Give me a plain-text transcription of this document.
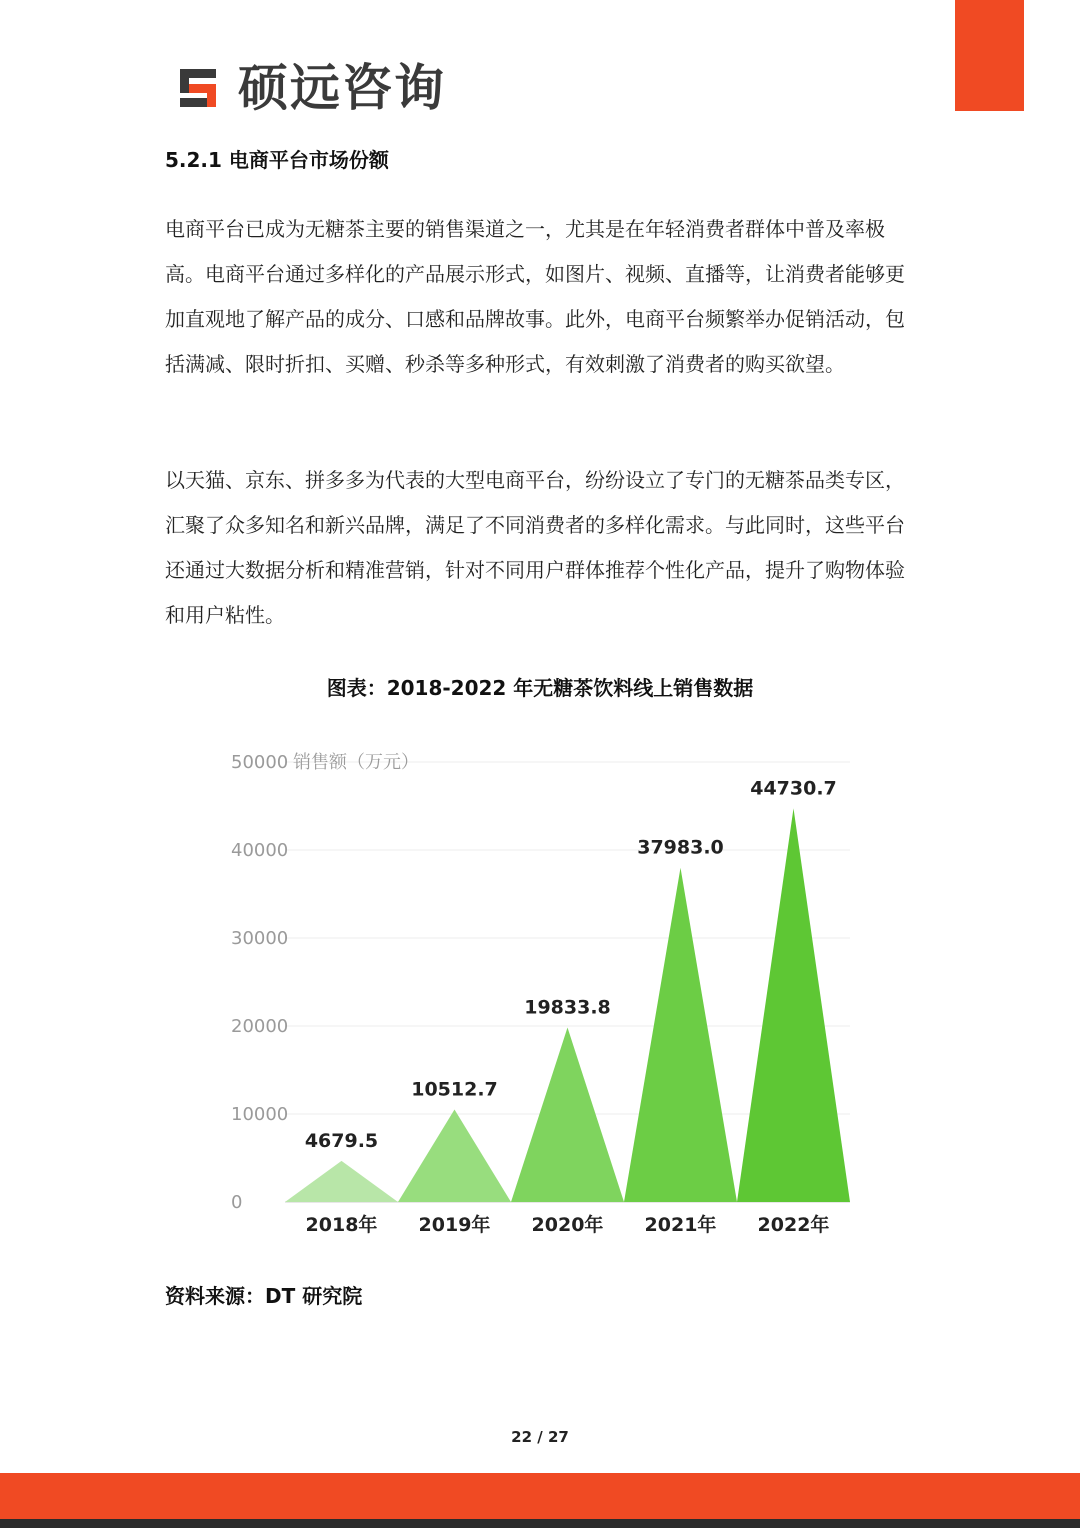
硕远咨询
5.2.1 电商平台市场份额

电商平台已成为无糖茶主要的销售渠道之一，尤其是在年轻消费者群体中普及率极高。电商平台通过多样化的产品展示形式，如图片、视频、直播等，让消费者能够更加直观地了解产品的成分、口感和品牌故事。此外，电商平台频繁举办促销活动，包括满减、限时折扣、买赠、秒杀等多种形式，有效刺激了消费者的购买欲望。

以天猫、京东、拼多多为代表的大型电商平台，纷纷设立了专门的无糖茶品类专区，汇聚了众多知名和新兴品牌，满足了不同消费者的多样化需求。与此同时，这些平台还通过大数据分析和精准营销，针对不同用户群体推荐个性化产品，提升了购物体验和用户粘性。

图表：2018-2022 年无糖茶饮料线上销售数据
0
10000
20000
30000
40000
50000 销售额（万元）
4679.5
2018年
10512.7
2019年
19833.8
2020年
37983.0
2021年
44730.7
2022年
资料来源：DT 研究院
22 / 27
